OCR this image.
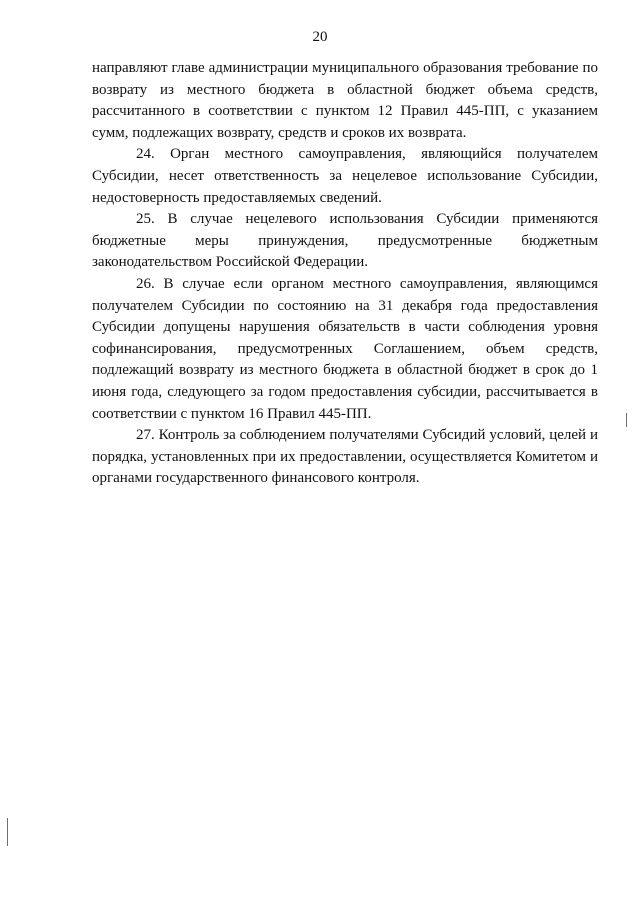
20

направляют главе администрации муниципального образования требование по возврату из местного бюджета в областной бюджет объема средств, рассчитанного в соответствии с пунктом 12 Правил 445-ПП, с указанием сумм, подлежащих возврату, средств и сроков их возврата.

24. Орган местного самоуправления, являющийся получателем Субсидии, несет ответственность за нецелевое использование Субсидии, недостоверность предоставляемых сведений.

25. В случае нецелевого использования Субсидии применяются бюджетные меры принуждения, предусмотренные бюджетным законодательством Российской Федерации.

26. В случае если органом местного самоуправления, являющимся получателем Субсидии по состоянию на 31 декабря года предоставления Субсидии допущены нарушения обязательств в части соблюдения уровня софинансирования, предусмотренных Соглашением, объем средств, подлежащий возврату из местного бюджета в областной бюджет в срок до 1 июня года, следующего за годом предоставления субсидии, рассчитывается в соответствии с пунктом 16 Правил 445-ПП.

27. Контроль за соблюдением получателями Субсидий условий, целей и порядка, установленных при их предоставлении, осуществляется Комитетом и органами государственного финансового контроля.
